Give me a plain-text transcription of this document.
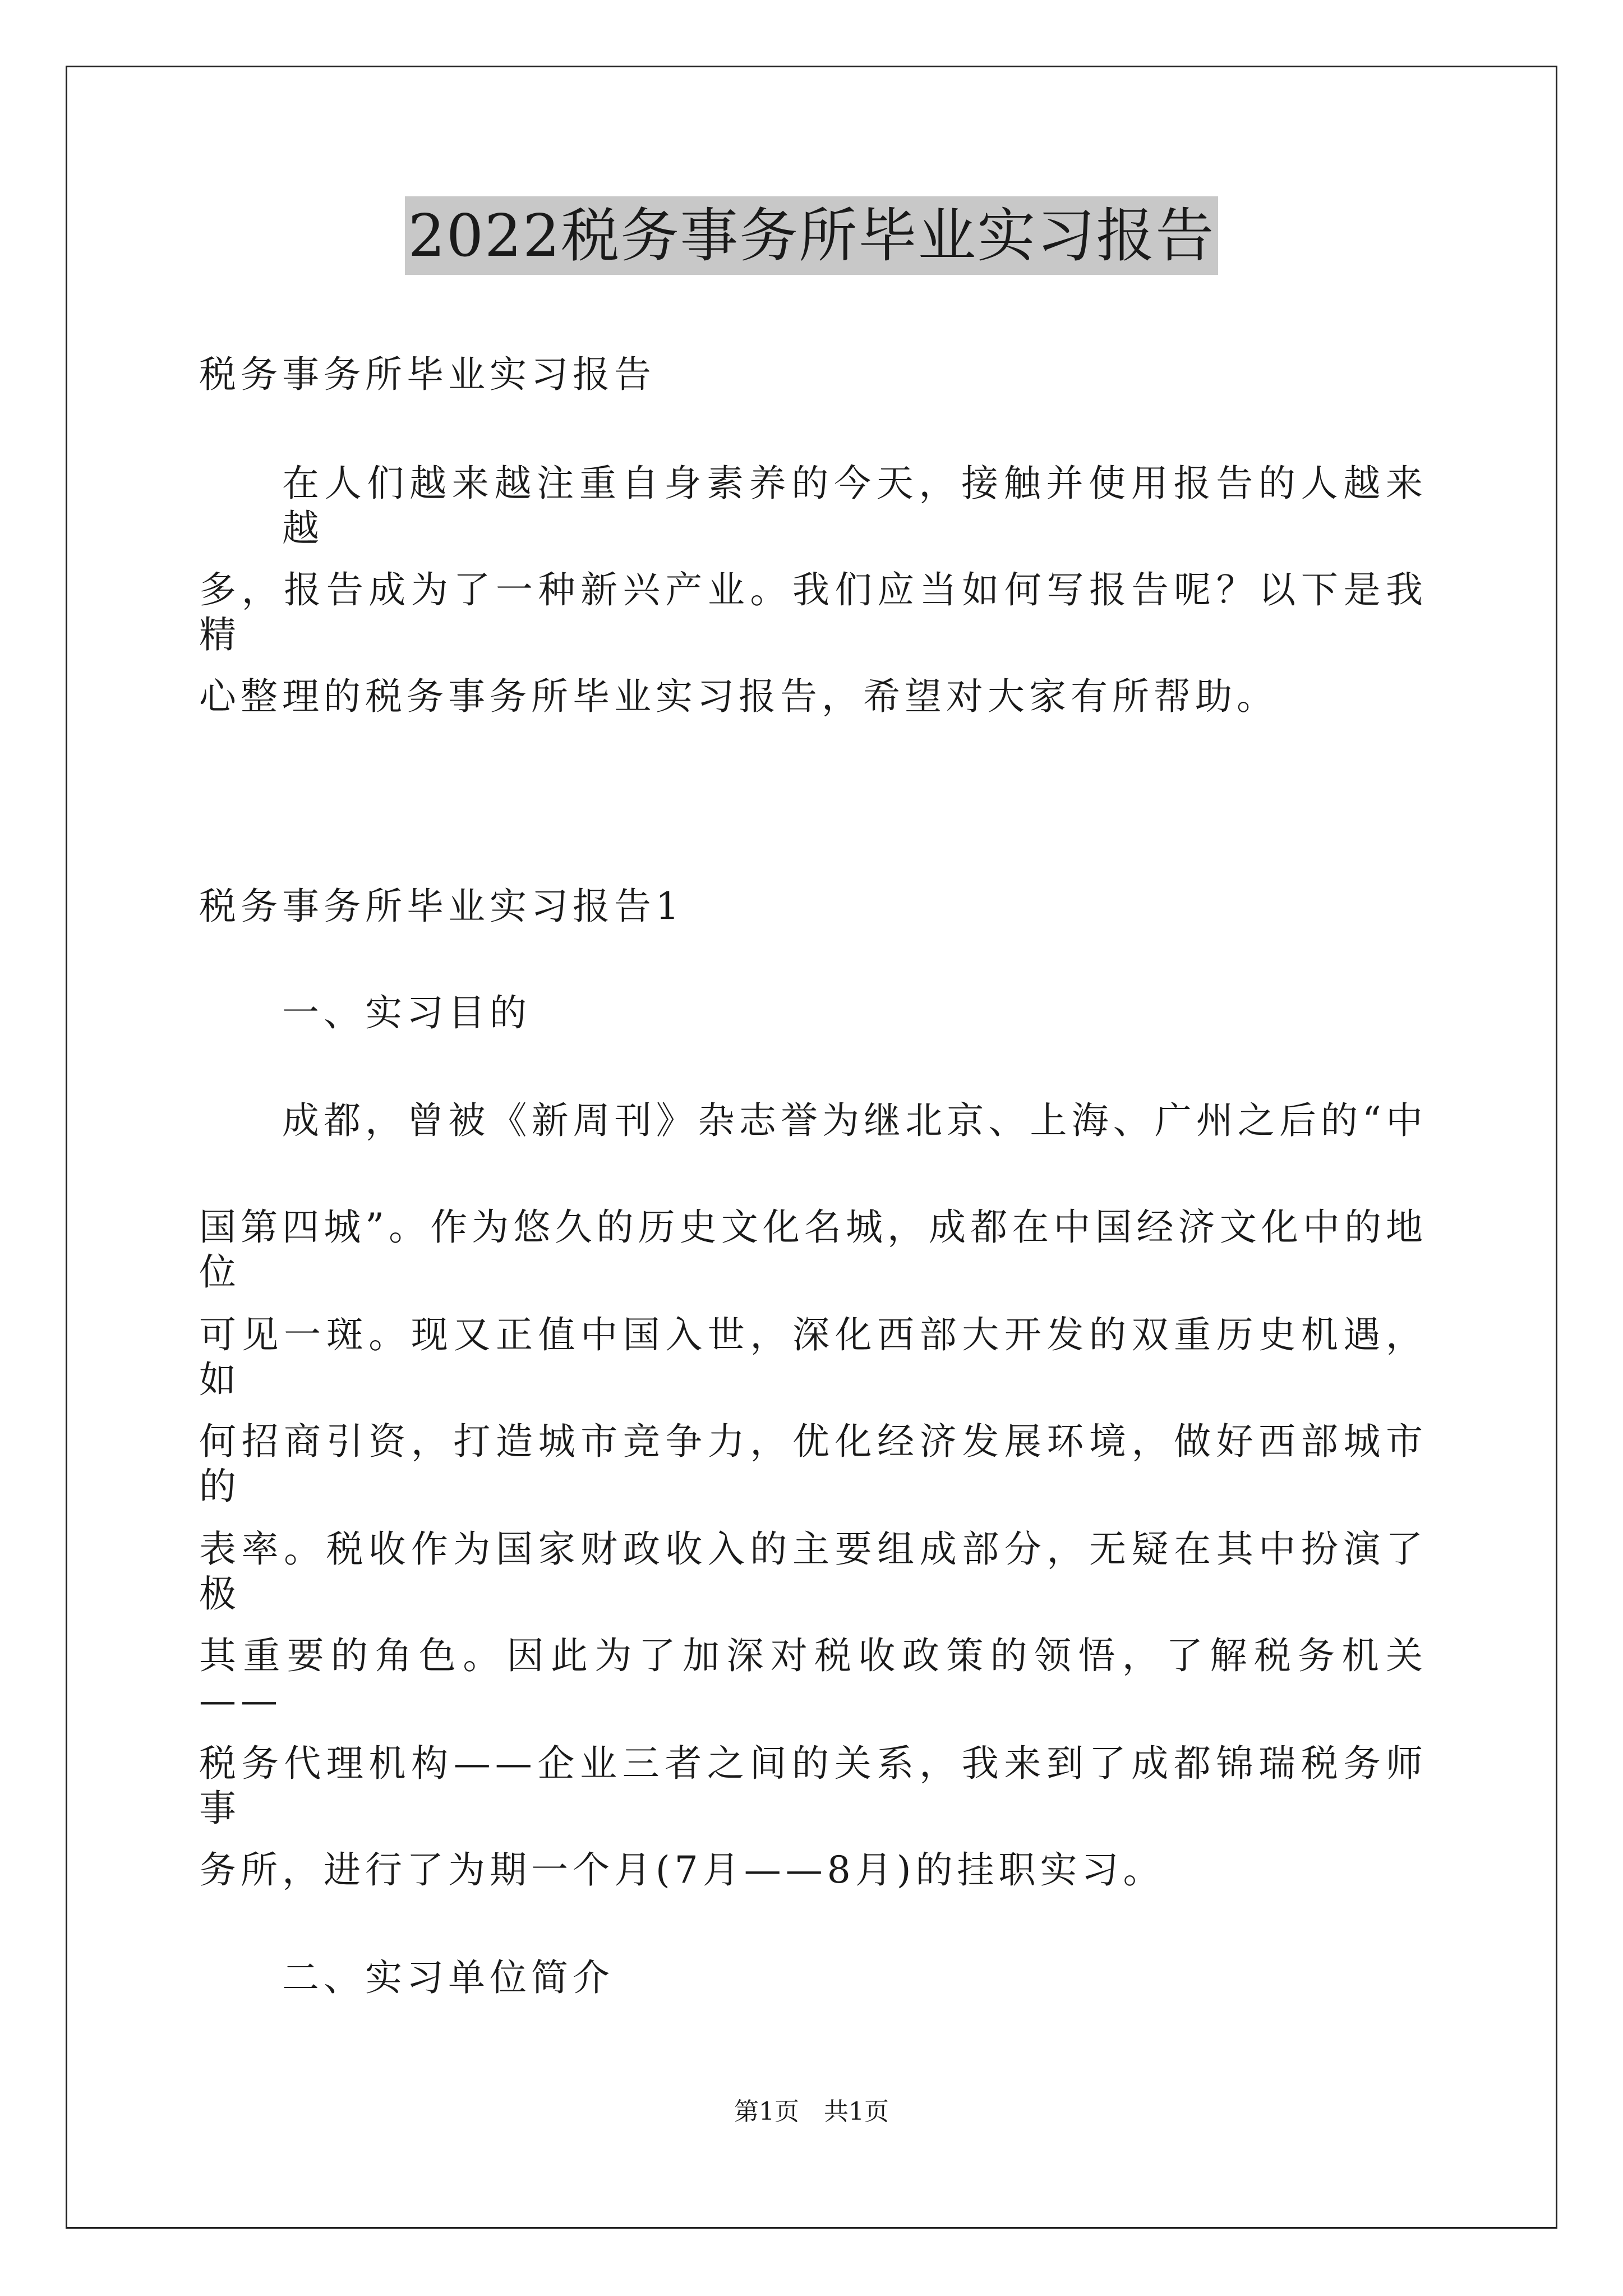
2022税务事务所毕业实习报告
税务事务所毕业实习报告
在人们越来越注重自身素养的今天，接触并使用报告的人越来越
多，报告成为了一种新兴产业。我们应当如何写报告呢？以下是我精
心整理的税务事务所毕业实习报告，希望对大家有所帮助。
税务事务所毕业实习报告1
一、实习目的
成都，曾被《新周刊》杂志誉为继北京、上海、广州之后的“中
国第四城”。作为悠久的历史文化名城，成都在中国经济文化中的地位
可见一斑。现又正值中国入世，深化西部大开发的双重历史机遇，如
何招商引资，打造城市竞争力，优化经济发展环境，做好西部城市的
表率。税收作为国家财政收入的主要组成部分，无疑在其中扮演了极
其重要的角色。因此为了加深对税收政策的领悟，了解税务机关——
税务代理机构——企业三者之间的关系，我来到了成都锦瑞税务师事
务所，进行了为期一个月(7月——8月)的挂职实习。
二、实习单位简介
第1页　共1页
